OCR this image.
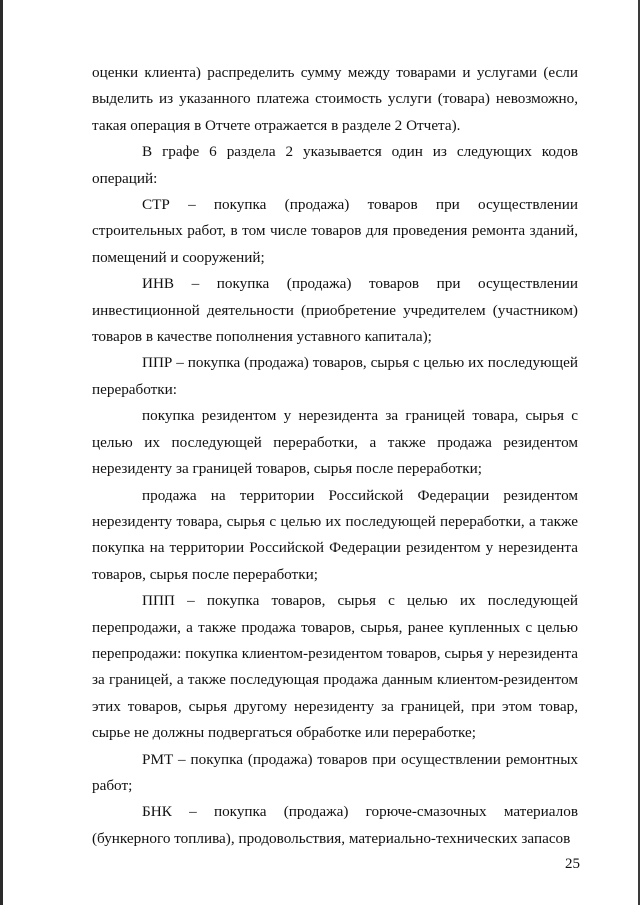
оценки клиента) распределить сумму между товарами и услугами (если выделить из указанного платежа стоимость услуги (товара) невозможно, такая операция в Отчете отражается в разделе 2 Отчета).

В графе 6 раздела 2 указывается один из следующих кодов операций:

СТР – покупка (продажа) товаров при осуществлении строительных работ, в том числе товаров для проведения ремонта зданий, помещений и сооружений;

ИНВ – покупка (продажа) товаров при осуществлении инвестиционной деятельности (приобретение учредителем (участником) товаров в качестве пополнения уставного капитала);

ППР – покупка (продажа) товаров, сырья с целью их последующей переработки:

покупка резидентом у нерезидента за границей товара, сырья с целью их последующей переработки, а также продажа резидентом нерезиденту за границей товаров, сырья после переработки;

продажа на территории Российской Федерации резидентом нерезиденту товара, сырья с целью их последующей переработки, а также покупка на территории Российской Федерации резидентом у нерезидента товаров, сырья после переработки;

ППП – покупка товаров, сырья с целью их последующей перепродажи, а также продажа товаров, сырья, ранее купленных с целью перепродажи: покупка клиентом-резидентом товаров, сырья у нерезидента за границей, а также последующая продажа данным клиентом-резидентом этих товаров, сырья другому нерезиденту за границей, при этом товар, сырье не должны подвергаться обработке или переработке;

РМТ – покупка (продажа) товаров при осуществлении ремонтных работ;

БНК – покупка (продажа) горюче-смазочных материалов (бункерного топлива), продовольствия, материально-технических запасов

25
